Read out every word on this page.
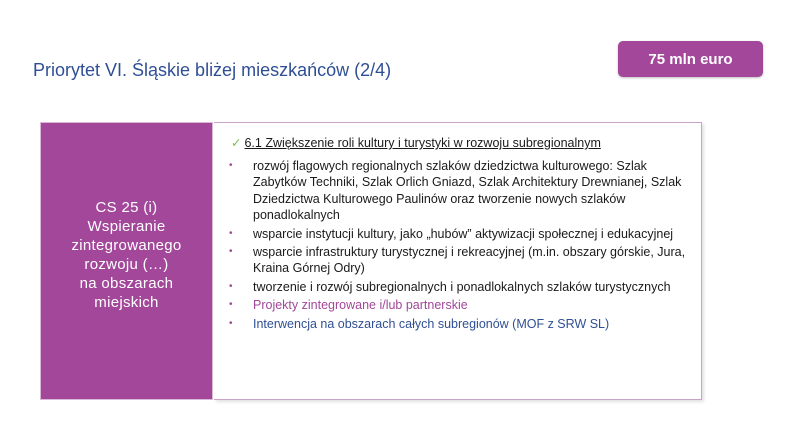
Priorytet VI. Śląskie bliżej mieszkańców (2/4)
75 mln euro
CS 25 (i)
Wspieranie
zintegrowanego
rozwoju (…)
na obszarach
miejskich
✓ 6.1 Zwiększenie roli kultury i turystyki w rozwoju subregionalnym
• rozwój flagowych regionalnych szlaków dziedzictwa kulturowego: Szlak Zabytków Techniki, Szlak Orlich Gniazd, Szlak Architektury Drewnianej, Szlak Dziedzictwa Kulturowego Paulinów oraz tworzenie nowych szlaków ponadlokalnych
• wsparcie instytucji kultury, jako „hubów” aktywizacji społecznej i edukacyjnej
• wsparcie infrastruktury turystycznej i rekreacyjnej (m.in. obszary górskie, Jura, Kraina Górnej Odry)
• tworzenie i rozwój subregionalnych i ponadlokalnych szlaków turystycznych
• Projekty zintegrowane i/lub partnerskie
• Interwencja na obszarach całych subregionów (MOF z SRW SL)
